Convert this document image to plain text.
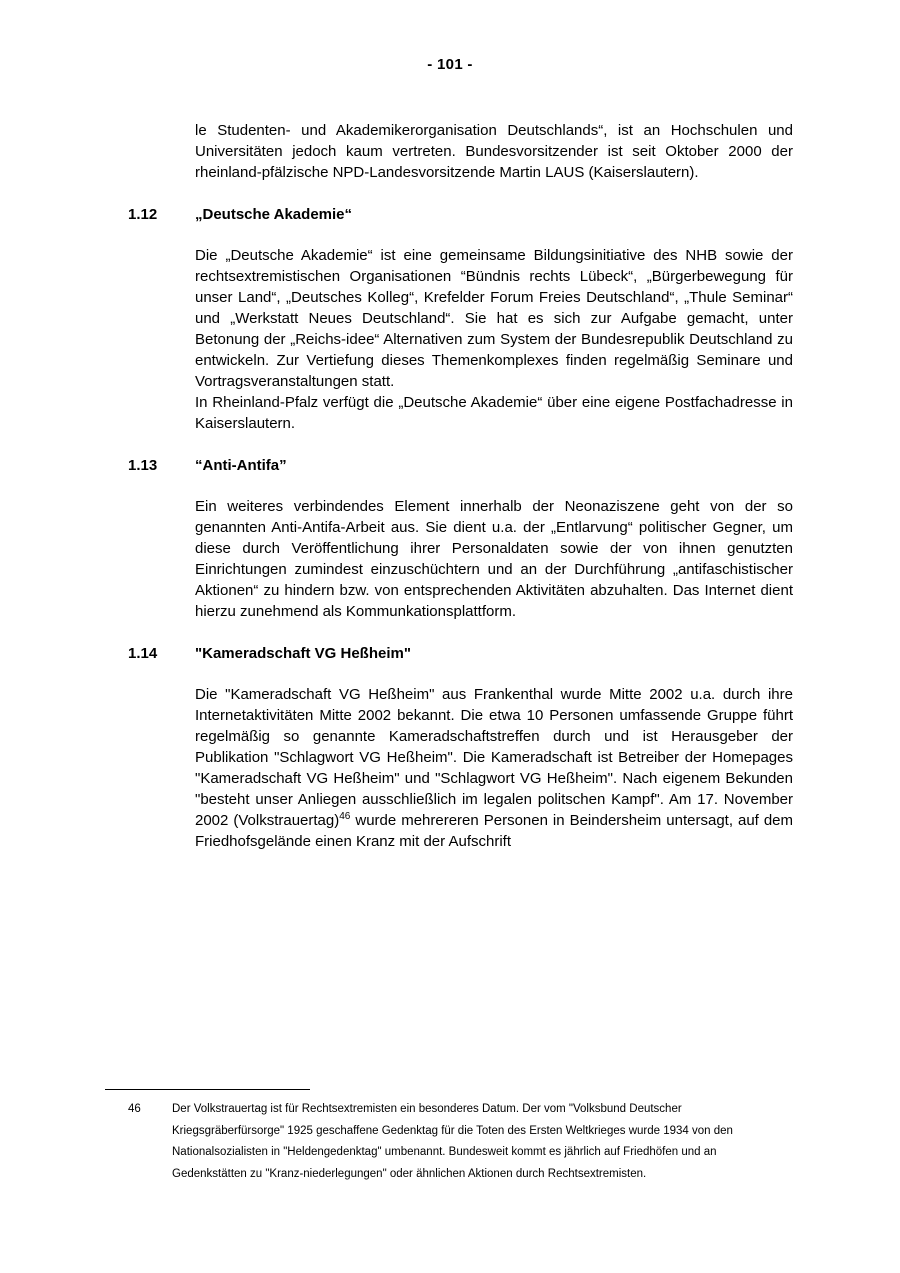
- 101 -

le Studenten- und Akademikerorganisation Deutschlands“, ist an Hochschulen und Universitäten jedoch kaum vertreten. Bundesvorsitzender ist seit Oktober 2000 der rheinland-pfälzische NPD-Landesvorsitzende Martin LAUS (Kaiserslautern).

1.12	„Deutsche Akademie“

Die „Deutsche Akademie“ ist eine gemeinsame Bildungsinitiative des NHB sowie der rechtsextremistischen Organisationen “Bündnis rechts Lübeck“, „Bürgerbewegung für unser Land“, „Deutsches Kolleg“, Krefelder Forum Freies Deutschland“, „Thule Seminar“ und „Werkstatt Neues Deutschland“. Sie hat es sich zur Aufgabe gemacht, unter Betonung der „Reichs-idee“ Alternativen zum System der Bundesrepublik Deutschland zu entwickeln. Zur Vertiefung dieses Themenkomplexes finden regelmäßig Seminare und Vortragsveranstaltungen statt.

In Rheinland-Pfalz verfügt die „Deutsche Akademie“ über eine eigene Postfachadresse in Kaiserslautern.

1.13	“Anti-Antifa”

Ein weiteres verbindendes Element innerhalb der Neonaziszene geht von der so genannten Anti-Antifa-Arbeit aus. Sie dient u.a. der „Entlarvung“ politischer Gegner, um diese durch Veröffentlichung ihrer Personaldaten sowie der von ihnen genutzten Einrichtungen zumindest einzuschüchtern und an der Durchführung „antifaschistischer Aktionen“ zu hindern bzw. von entsprechenden Aktivitäten abzuhalten. Das Internet dient hierzu zunehmend als Kommunkationsplattform.

1.14	"Kameradschaft VG Heßheim"

Die "Kameradschaft VG Heßheim" aus Frankenthal wurde Mitte 2002 u.a. durch ihre Internetaktivitäten Mitte 2002 bekannt. Die etwa 10 Personen umfassende Gruppe führt regelmäßig so genannte Kameradschaftstreffen durch und ist Herausgeber der Publikation "Schlagwort VG Heßheim". Die Kameradschaft ist Betreiber der Homepages "Kameradschaft VG Heßheim" und "Schlagwort VG Heßheim". Nach eigenem Bekunden "besteht unser Anliegen ausschließlich im legalen politschen Kampf". Am 17. November 2002 (Volkstrauertag)$^{46}$ wurde mehrereren Personen in Beindersheim untersagt, auf dem Friedhofsgelände einen Kranz mit der Aufschrift

46	Der Volkstrauertag ist für Rechtsextremisten ein besonderes Datum. Der vom "Volksbund Deutscher Kriegsgräberfürsorge" 1925 geschaffene Gedenktag für die Toten des Ersten Weltkrieges wurde 1934 von den Nationalsozialisten in "Heldengedenktag" umbenannt. Bundesweit kommt es jährlich auf Friedhöfen und an Gedenkstätten zu "Kranz-niederlegungen" oder ähnlichen Aktionen durch Rechtsextremisten.
